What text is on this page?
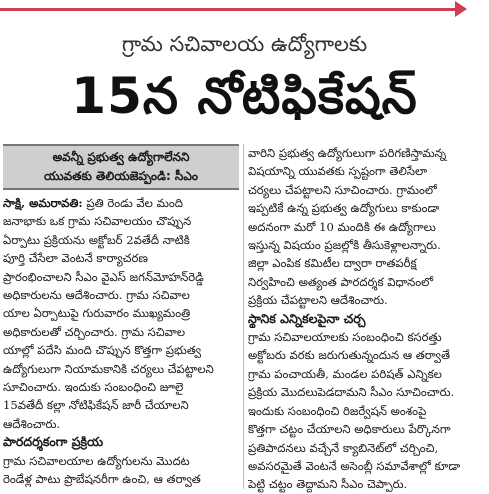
గ్రామ సచివాలయ ఉద్యోగాలకు
15న నోటిఫికేషన్
అవన్నీ ప్రభుత్వ ఉద్యోగాలేనని
యువతకు తెలియజెప్పండి: సీఎం
సాక్షి, అమరావతి: ప్రతి రెండు వేల మంది
జనాభాకు ఒక గ్రామ సచివాలయం చొప్పున
ఏర్పాటు ప్రక్రియను అక్టోబర్ 2వతేదీ నాటికి
పూర్తి చేసేలా వెంటనే కార్యాచరణ
ప్రారంభించాలని సీఎం వైఎస్ జగన్‌మోహన్‌రెడ్డి
అధికారులను ఆదేశించారు. గ్రామ సచివాల
యాల ఏర్పాటుపై గురువారం ముఖ్యమంత్రి
అధికారులతో చర్చించారు. గ్రామ సచివాల
యాల్లో పదేసి మంది చొప్పున కొత్తగా ప్రభుత్వ
ఉద్యోగులుగా నియామకానికి చర్యలు చేపట్టాలని
సూచించారు. ఇందుకు సంబంధించి జూలై
15వతేదీ కల్లా నోటిఫికేషన్ జారీ చేయాలని
ఆదేశించారు.
పారదర్శకంగా ప్రక్రియ
గ్రామ సచివాలయాల ఉద్యోగులను మొదట
రెండేళ్ల పాటు ప్రొబేషనరీగా ఉంచి, ఆ తర్వాత
వారిని ప్రభుత్వ ఉద్యోగులుగా పరిగణిస్తామన్న
విషయాన్ని యువతకు స్పష్టంగా తెలిసేలా
చర్యలు చేపట్టాలని సూచించారు. గ్రామంలో
ఇప్పటికే ఉన్న ప్రభుత్వ ఉద్యోగులు కాకుండా
అదనంగా మరో 10 మందికి ఈ ఉద్యోగాలు
ఇస్తున్న విషయం ప్రజల్లోకి తీసుకెళ్లాలన్నారు.
జిల్లా ఎంపిక కమిటీల ద్వారా రాతపరీక్ష
నిర్వహించి అత్యంత పారదర్శక విధానంలో
ప్రక్రియ చేపట్టాలని ఆదేశించారు.
స్థానిక ఎన్నికలపైనా చర్చ
గ్రామ సచివాలయాలకు సంబంధించి కసరత్తు
అక్టోబరు వరకు జరుగుతున్నందున ఆ తర్వాతే
గ్రామ పంచాయతీ, మండల పరిషత్ ఎన్నికల
ప్రక్రియ మొదలుపెడదామని సీఎం సూచించారు.
ఇందుకు సంబంధించి రిజర్వేషన్ అంశంపై
కొత్తగా చట్టం చేయాలని అధికారులు పేర్కొనగా
ప్రతిపాదనలు వచ్చేనే క్యాబినెట్‌లో చర్చించి,
అవసరమైతే వెంటనే అసెంబ్లీ సమావేశాల్లో కూడా
పెట్టి చట్టం తెద్దామని సీఎం చెప్పారు.
